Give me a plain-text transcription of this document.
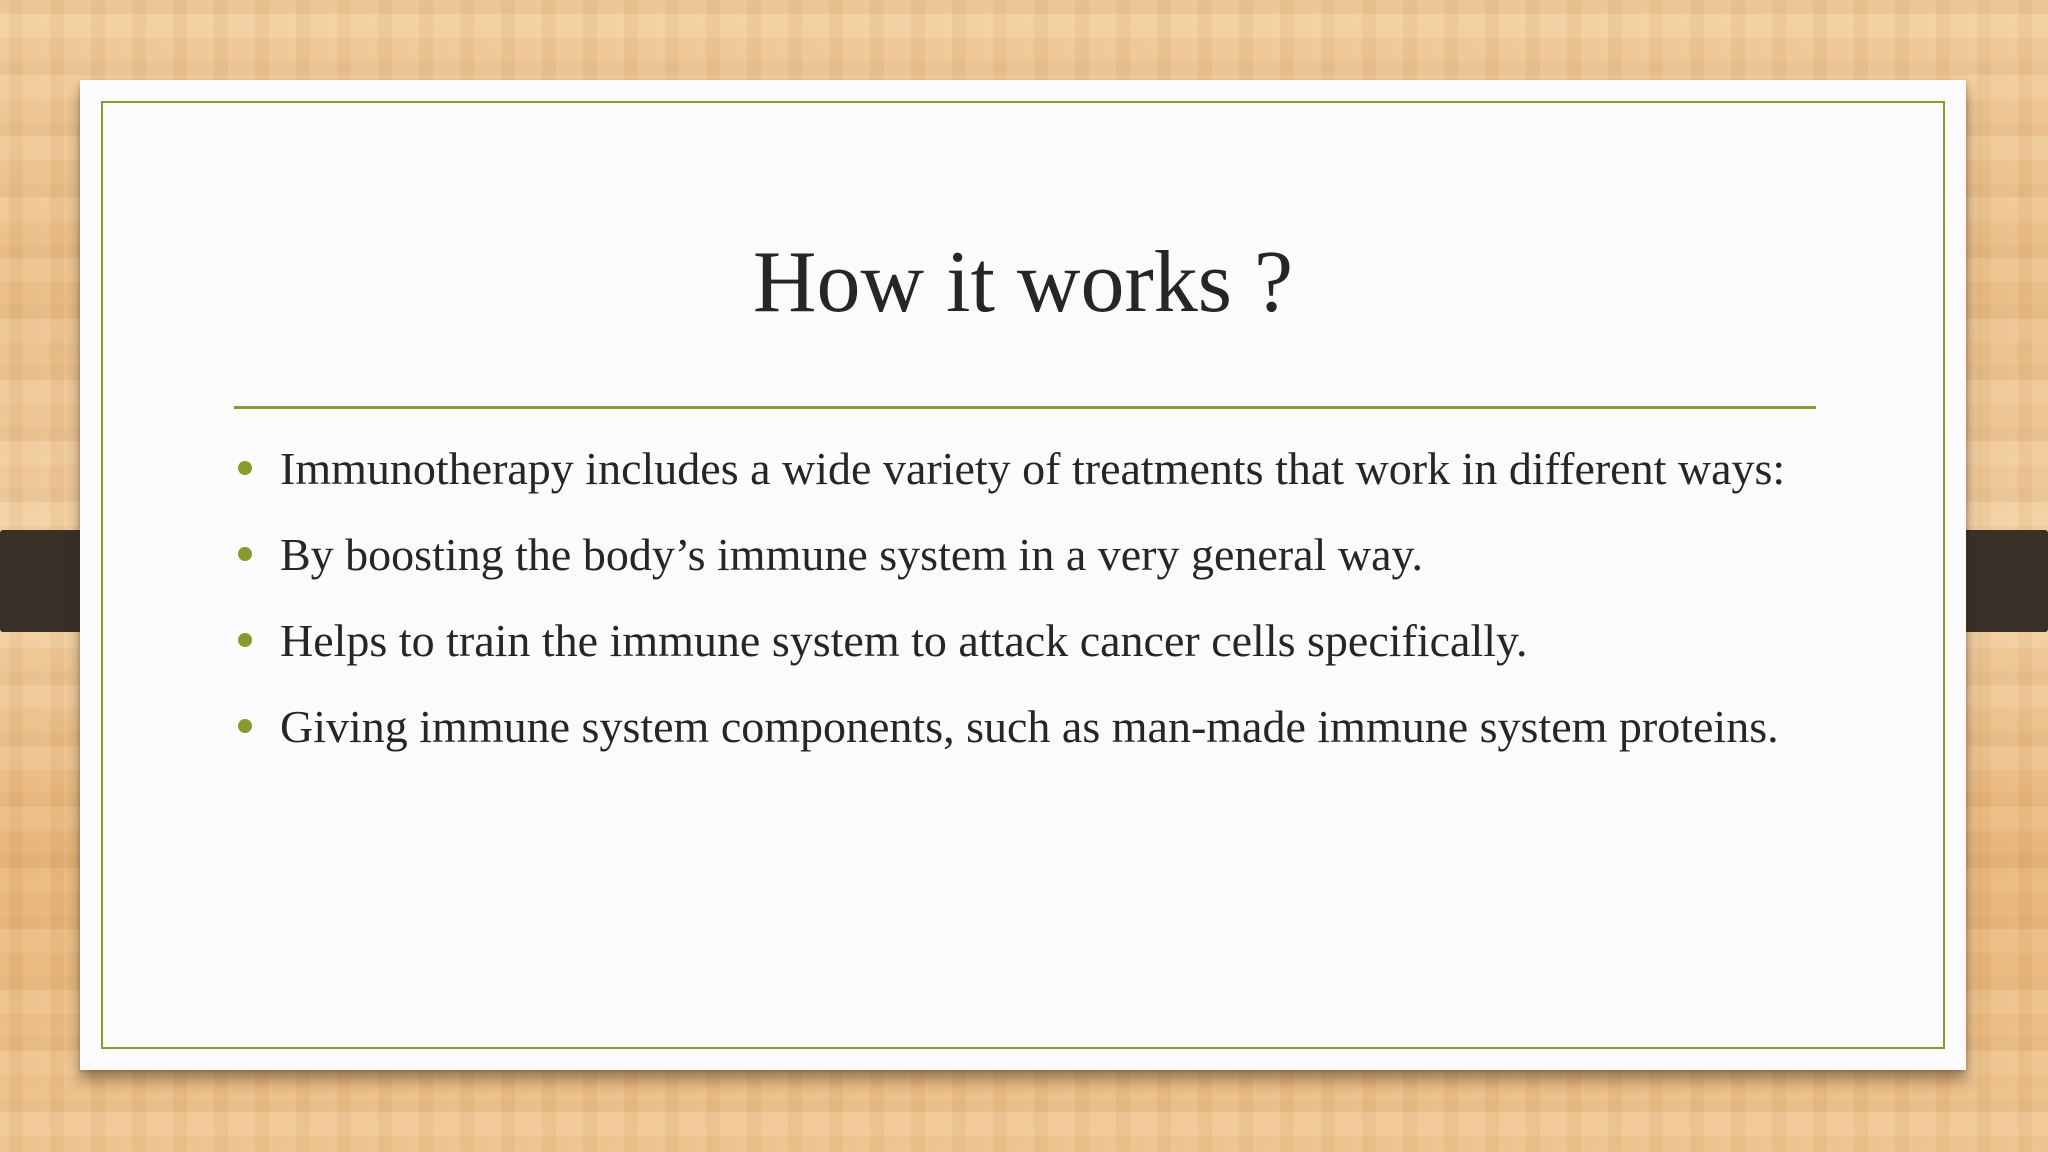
How it works ?
Immunotherapy includes a wide variety of treatments that work in different ways:
By boosting the body’s immune system in a very general way.
Helps to train the immune system to attack cancer cells specifically.
Giving immune system components, such as man-made immune system proteins.
